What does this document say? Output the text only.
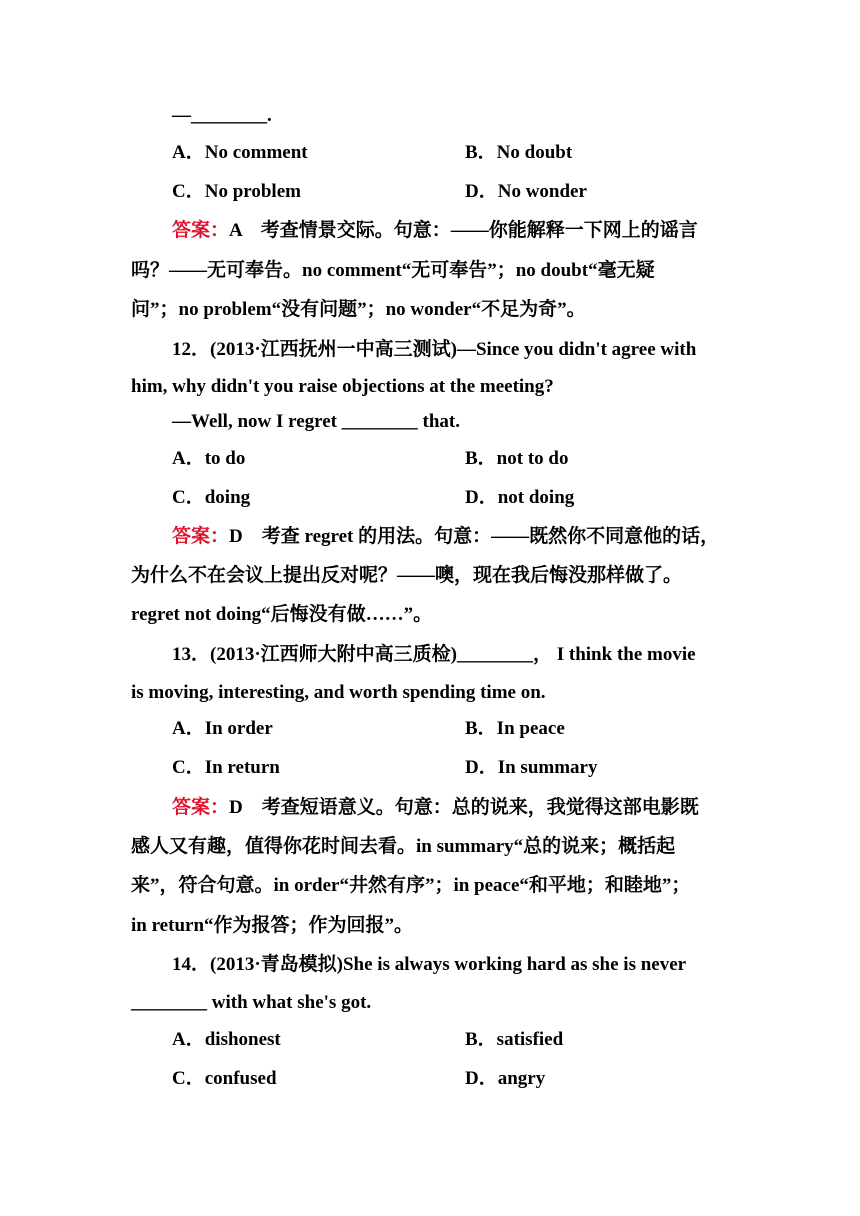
—________.
A．No comment	B．No doubt
C．No problem	D．No wonder
答案：A　考查情景交际。句意：——你能解释一下网上的谣言
吗？——无可奉告。no comment“无可奉告”；no doubt“毫无疑
问”；no problem“没有问题”；no wonder“不足为奇”。
12．(2013·江西抚州一中高三测试)—Since you didn't agree with
him, why didn't you raise objections at the meeting?
—Well, now I regret ________ that.
A．to do	B．not to do
C．doing	D．not doing
答案：D　考查 regret 的用法。句意：——既然你不同意他的话，
为什么不在会议上提出反对呢？——噢，现在我后悔没那样做了。
regret not doing“后悔没有做……”。
13．(2013·江西师大附中高三质检)________， I think the movie
is moving, interesting, and worth spending time on.
A．In order	B．In peace
C．In return	D．In summary
答案：D　考查短语意义。句意：总的说来，我觉得这部电影既
感人又有趣，值得你花时间去看。in summary“总的说来；概括起
来”，符合句意。in order“井然有序”；in peace“和平地；和睦地”；
in return“作为报答；作为回报”。
14．(2013·青岛模拟)She is always working hard as she is never
________ with what she's got.
A．dishonest	B．satisfied
C．confused	D．angry
